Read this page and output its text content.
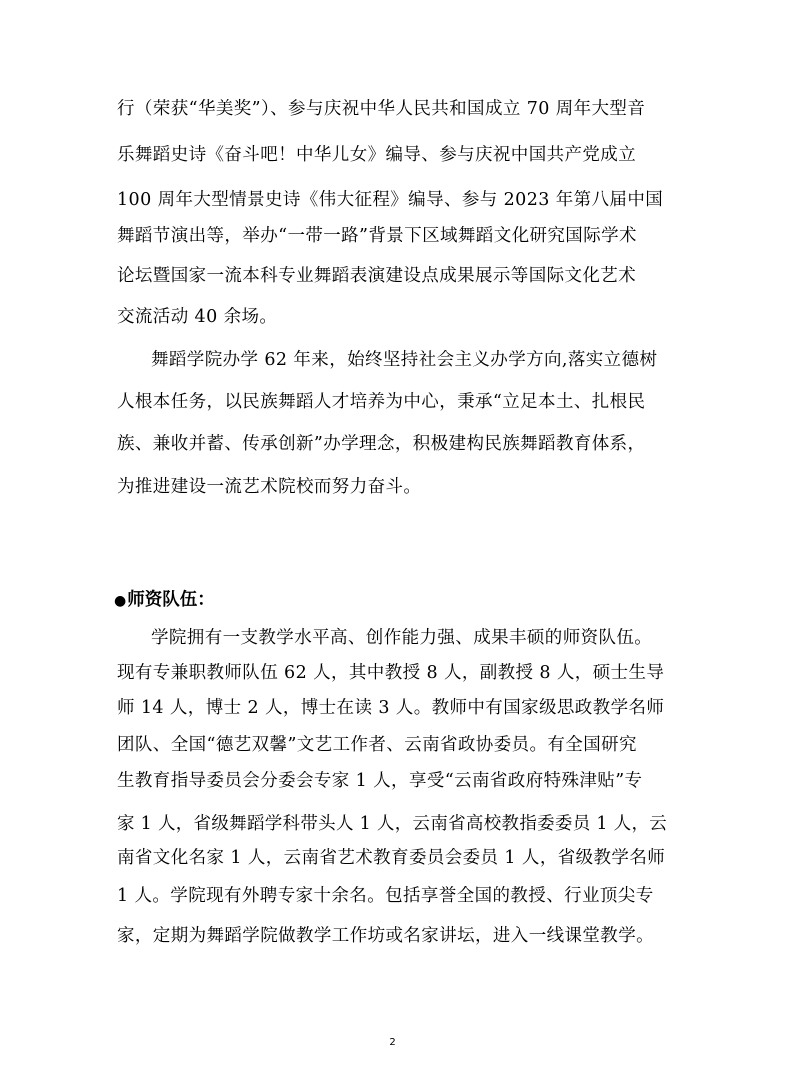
行（荣获“华美奖”）、参与庆祝中华人民共和国成立 70 周年大型音
乐舞蹈史诗《奋斗吧！中华儿女》编导、参与庆祝中国共产党成立
100 周年大型情景史诗《伟大征程》编导、参与 2023 年第八届中国
舞蹈节演出等，举办“一带一路”背景下区域舞蹈文化研究国际学术
论坛暨国家一流本科专业舞蹈表演建设点成果展示等国际文化艺术
交流活动 40 余场。
舞蹈学院办学 62 年来，始终坚持社会主义办学方向,落实立德树
人根本任务，以民族舞蹈人才培养为中心，秉承“立足本土、扎根民
族、兼收并蓄、传承创新”办学理念，积极建构民族舞蹈教育体系，
为推进建设一流艺术院校而努力奋斗。
●师资队伍：
学院拥有一支教学水平高、创作能力强、成果丰硕的师资队伍。
现有专兼职教师队伍 62 人，其中教授 8 人，副教授 8 人，硕士生导
师 14 人，博士 2 人，博士在读 3 人。教师中有国家级思政教学名师
团队、全国“德艺双馨”文艺工作者、云南省政协委员。有全国研究
生教育指导委员会分委会专家 1 人，享受“云南省政府特殊津贴”专
家 1 人，省级舞蹈学科带头人 1 人，云南省高校教指委委员 1 人，云
南省文化名家 1 人，云南省艺术教育委员会委员 1 人，省级教学名师
1 人。学院现有外聘专家十余名。包括享誉全国的教授、行业顶尖专
家，定期为舞蹈学院做教学工作坊或名家讲坛，进入一线课堂教学。
2
